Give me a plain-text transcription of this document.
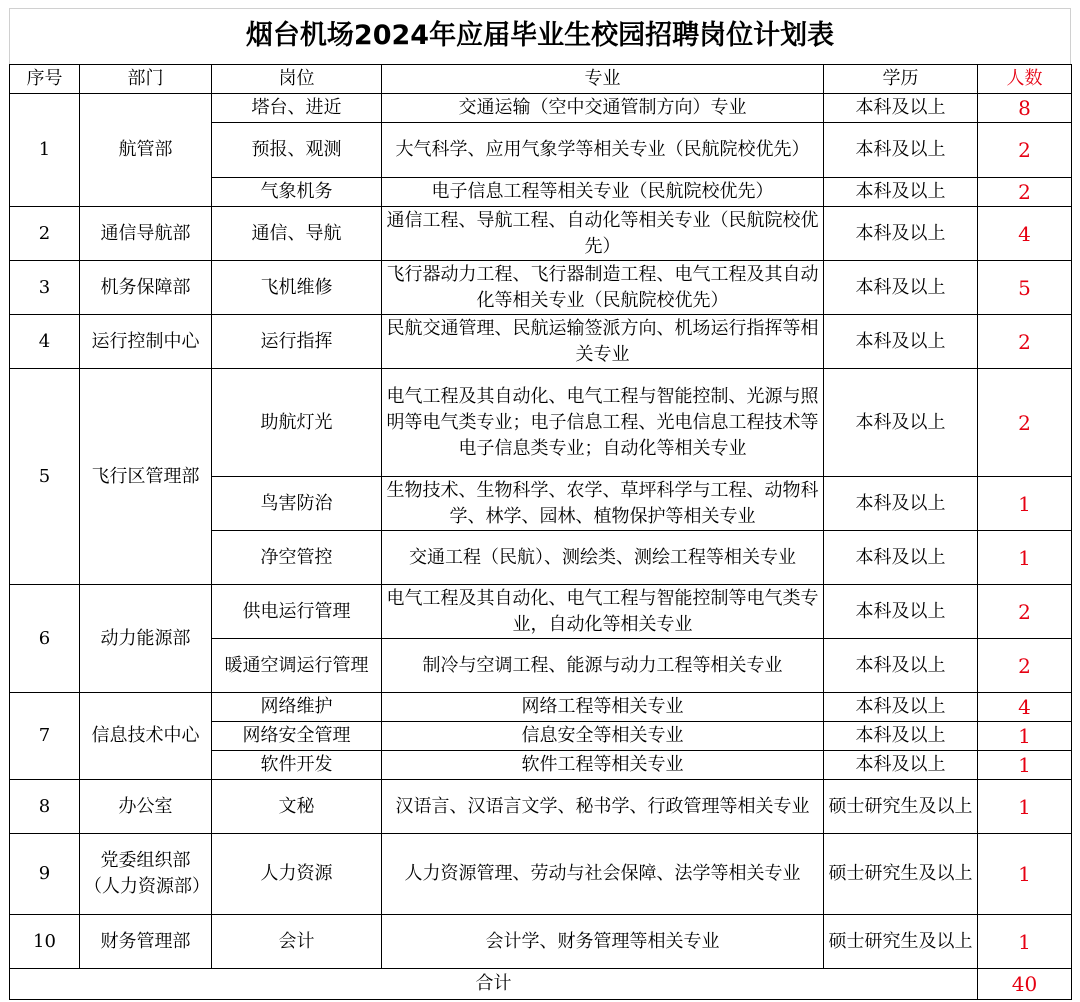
烟台机场2024年应届毕业生校园招聘岗位计划表
序号	部门	岗位	专业	学历	人数
1	航管部	塔台、进近	交通运输（空中交通管制方向）专业	本科及以上	8
		预报、观测	大气科学、应用气象学等相关专业（民航院校优先）	本科及以上	2
		气象机务	电子信息工程等相关专业（民航院校优先）	本科及以上	2
2	通信导航部	通信、导航	通信工程、导航工程、自动化等相关专业（民航院校优先）	本科及以上	4
3	机务保障部	飞机维修	飞行器动力工程、飞行器制造工程、电气工程及其自动化等相关专业（民航院校优先）	本科及以上	5
4	运行控制中心	运行指挥	民航交通管理、民航运输签派方向、机场运行指挥等相关专业	本科及以上	2
5	飞行区管理部	助航灯光	电气工程及其自动化、电气工程与智能控制、光源与照明等电气类专业；电子信息工程、光电信息工程技术等电子信息类专业；自动化等相关专业	本科及以上	2
		鸟害防治	生物技术、生物科学、农学、草坪科学与工程、动物科学、林学、园林、植物保护等相关专业	本科及以上	1
		净空管控	交通工程（民航）、测绘类、测绘工程等相关专业	本科及以上	1
6	动力能源部	供电运行管理	电气工程及其自动化、电气工程与智能控制等电气类专业，自动化等相关专业	本科及以上	2
		暖通空调运行管理	制冷与空调工程、能源与动力工程等相关专业	本科及以上	2
7	信息技术中心	网络维护	网络工程等相关专业	本科及以上	4
		网络安全管理	信息安全等相关专业	本科及以上	1
		软件开发	软件工程等相关专业	本科及以上	1
8	办公室	文秘	汉语言、汉语言文学、秘书学、行政管理等相关专业	硕士研究生及以上	1
9	党委组织部（人力资源部）	人力资源	人力资源管理、劳动与社会保障、法学等相关专业	硕士研究生及以上	1
10	财务管理部	会计	会计学、财务管理等相关专业	硕士研究生及以上	1
合计					40
